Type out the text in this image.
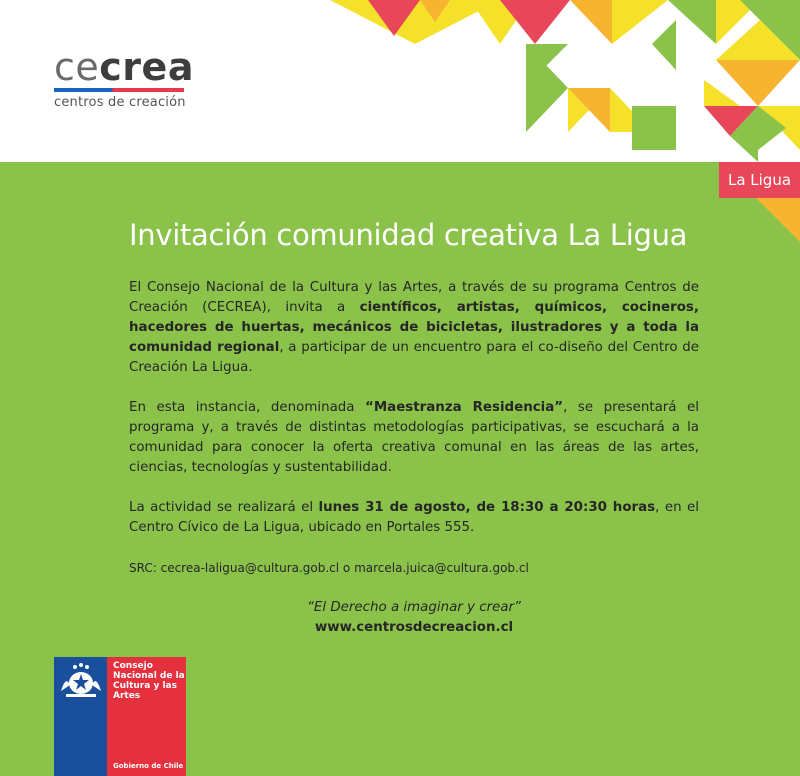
cecrea
centros de creación
La Ligua
Invitación comunidad creativa La Ligua

El Consejo Nacional de la Cultura y las Artes, a través de su programa Centros de Creación (CECREA), invita a científicos, artistas, químicos, cocineros, hacedores de huertas, mecánicos de bicicletas, ilustradores y a toda la comunidad regional, a participar de un encuentro para el co-diseño del Centro de Creación La Ligua.

En esta instancia, denominada “Maestranza Residencia”, se presentará el programa y, a través de distintas metodologías participativas, se escuchará a la comunidad para conocer la oferta creativa comunal en las áreas de las artes, ciencias, tecnologías y sustentabilidad.

La actividad se realizará el lunes 31 de agosto, de 18:30 a 20:30 horas, en el Centro Cívico de La Ligua, ubicado en Portales 555.

SRC: cecrea-laligua@cultura.gob.cl o marcela.juica@cultura.gob.cl

“El Derecho a imaginar y crear”

www.centrosdecreacion.cl

Consejo Nacional de la Cultura y las Artes
Gobierno de Chile
